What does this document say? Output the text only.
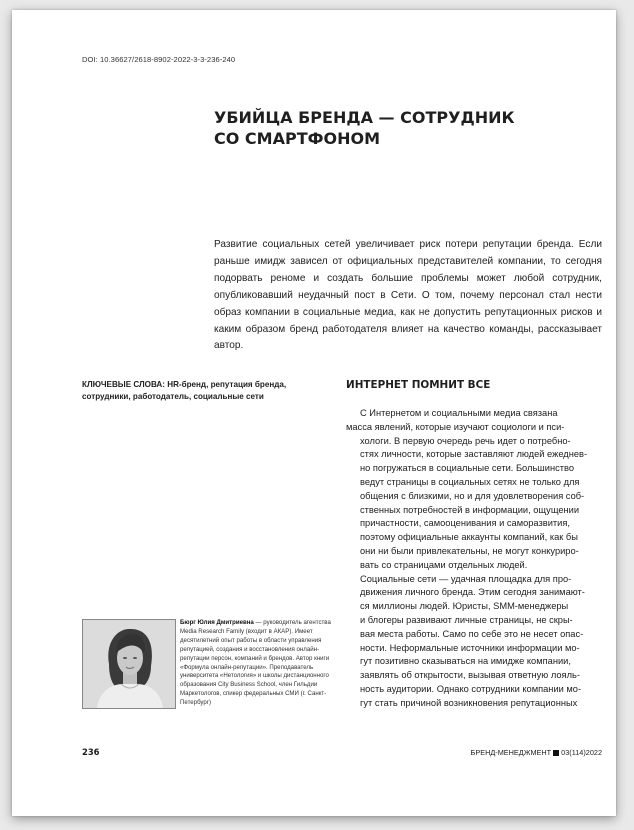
DOI: 10.36627/2618-8902-2022-3-3-236-240
УБИЙЦА БРЕНДА — СОТРУДНИК
СО СМАРТФОНОМ

Развитие социальных сетей увеличивает риск потери репутации бренда. Если раньше имидж зависел от официальных представителей компании, то сегодня подорвать реноме и создать большие проблемы может любой сотрудник, опубликовавший неудачный пост в Сети. О том, почему персонал стал нести образ компании в социальные медиа, как не допустить репутационных рисков и каким образом бренд работодателя влияет на качество команды, рассказывает автор.

КЛЮЧЕВЫЕ СЛОВА: HR-бренд, репутация бренда, сотрудники, работодатель, социальные сети

ИНТЕРНЕТ ПОМНИТ ВСЕ

С Интернетом и социальными медиа связана
масса явлений, которые изучают социологи и пси-
хологи. В первую очередь речь идет о потребно-
стях личности, которые заставляют людей ежеднев-
но погружаться в социальные сети. Большинство
ведут страницы в социальных сетях не только для
общения с близкими, но и для удовлетворения соб-
ственных потребностей в информации, ощущении
причастности, самооценивания и саморазвития,
поэтому официальные аккаунты компаний, как бы
они ни были привлекательны, не могут конкуриро-
вать со страницами отдельных людей.

Социальные сети — удачная площадка для про-
движения личного бренда. Этим сегодня занимают-
ся миллионы людей. Юристы, SMM-менеджеры
и блогеры развивают личные страницы, не скры-
вая места работы. Само по себе это не несет опас-
ности. Неформальные источники информации мо-
гут позитивно сказываться на имидже компании,
заявлять об открытости, вызывая ответную лояль-
ность аудитории. Однако сотрудники компании мо-
гут стать причиной возникновения репутационных

Бюрг Юлия Дмитриевна — руководитель агентства Media Research Family (входит в АКАР). Имеет десятилетний опыт работы в области управления репутацией, создания и восстановления онлайн-репутации персон, компаний и брендов. Автор книги «Формула онлайн-репутации». Преподаватель университета «Нетология» и школы дистанционного образования City Business School, член Гильдии Маркетологов, спикер федеральных СМИ (г. Санкт-Петербург)

236	БРЕНД-МЕНЕДЖМЕНТ 03(114)2022
